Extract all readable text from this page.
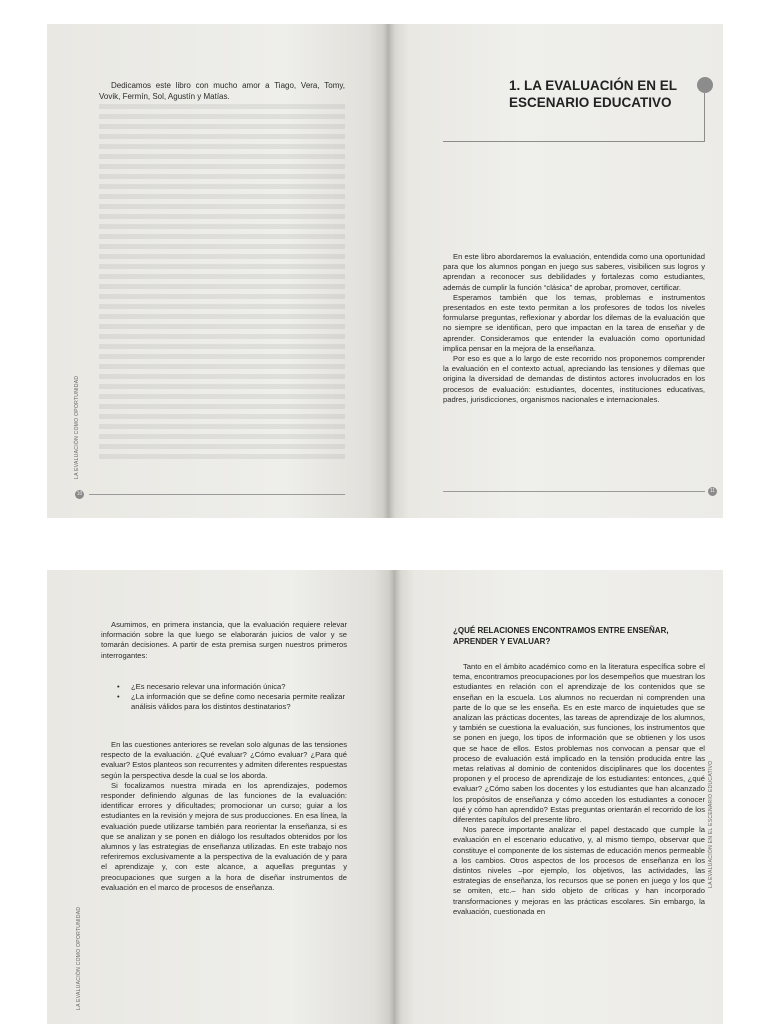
Dedicamos este libro con mucho amor a Tiago, Vera, Tomy, Vovik, Fermín, Sol, Agustín y Matías.
LA EVALUACIÓN COMO OPORTUNIDAD
10
1. LA EVALUACIÓN EN EL ESCENARIO EDUCATIVO

En este libro abordaremos la evaluación, entendida como una oportunidad para que los alumnos pongan en juego sus saberes, visibilicen sus logros y aprendan a reconocer sus debilidades y fortalezas como estudiantes, además de cumplir la función “clásica” de aprobar, promover, certificar.

Esperamos también que los temas, problemas e instrumentos presentados en este texto permitan a los profesores de todos los niveles formularse preguntas, reflexionar y abordar los dilemas de la evaluación que no siempre se identifican, pero que impactan en la tarea de enseñar y de aprender. Consideramos que entender la evaluación como oportunidad implica pensar en la mejora de la enseñanza.

Por eso es que a lo largo de este recorrido nos proponemos comprender la evaluación en el contexto actual, apreciando las tensiones y dilemas que origina la diversidad de demandas de distintos actores involucrados en los procesos de evaluación: estudiantes, docentes, instituciones educativas, padres, jurisdicciones, organismos nacionales e internacionales.

11

Asumimos, en primera instancia, que la evaluación requiere relevar información sobre la que luego se elaborarán juicios de valor y se tomarán decisiones. A partir de esta premisa surgen nuestros primeros interrogantes:

• ¿Es necesario relevar una información única?
• ¿La información que se define como necesaria permite realizar análisis válidos para los distintos destinatarios?

En las cuestiones anteriores se revelan solo algunas de las tensiones respecto de la evaluación. ¿Qué evaluar? ¿Cómo evaluar? ¿Para qué evaluar? Estos planteos son recurrentes y admiten diferentes respuestas según la perspectiva desde la cual se los aborda.

Si focalizamos nuestra mirada en los aprendizajes, podemos responder definiendo algunas de las funciones de la evaluación: identificar errores y dificultades; promocionar un curso; guiar a los estudiantes en la revisión y mejora de sus producciones. En esa línea, la evaluación puede utilizarse también para reorientar la enseñanza, si es que se analizan y se ponen en diálogo los resultados obtenidos por los alumnos y las estrategias de enseñanza utilizadas. En este trabajo nos referiremos exclusivamente a la perspectiva de la evaluación de y para el aprendizaje y, con este alcance, a aquellas preguntas y preocupaciones que surgen a la hora de diseñar instrumentos de evaluación en el marco de procesos de enseñanza.

LA EVALUACIÓN COMO OPORTUNIDAD
¿QUÉ RELACIONES ENCONTRAMOS ENTRE ENSEÑAR, APRENDER Y EVALUAR?

Tanto en el ámbito académico como en la literatura específica sobre el tema, encontramos preocupaciones por los desempeños que muestran los estudiantes en relación con el aprendizaje de los contenidos que se enseñan en la escuela. Los alumnos no recuerdan ni comprenden una parte de lo que se les enseña. Es en este marco de inquietudes que se analizan las prácticas docentes, las tareas de aprendizaje de los alumnos, y también se cuestiona la evaluación, sus funciones, los instrumentos que se ponen en juego, los tipos de información que se obtienen y los usos que se hace de ellos. Estos problemas nos convocan a pensar que el proceso de evaluación está implicado en la tensión producida entre las metas relativas al dominio de contenidos disciplinares que los docentes proponen y el proceso de aprendizaje de los estudiantes: entonces, ¿qué evaluar? ¿Cómo saben los docentes y los estudiantes que han alcanzado los propósitos de enseñanza y cómo acceden los estudiantes a conocer qué y cómo han aprendido? Estas preguntas orientarán el recorrido de los diferentes capítulos del presente libro.

Nos parece importante analizar el papel destacado que cumple la evaluación en el escenario educativo, y, al mismo tiempo, observar que constituye el componente de los sistemas de educación menos permeable a los cambios. Otros aspectos de los procesos de enseñanza en los distintos niveles –por ejemplo, los objetivos, las actividades, las estrategias de enseñanza, los recursos que se ponen en juego y los que se omiten, etc.– han sido objeto de críticas y han incorporado transformaciones y mejoras en las prácticas escolares. Sin embargo, la evaluación, cuestionada en

LA EVALUACIÓN EN EL ESCENARIO EDUCATIVO
